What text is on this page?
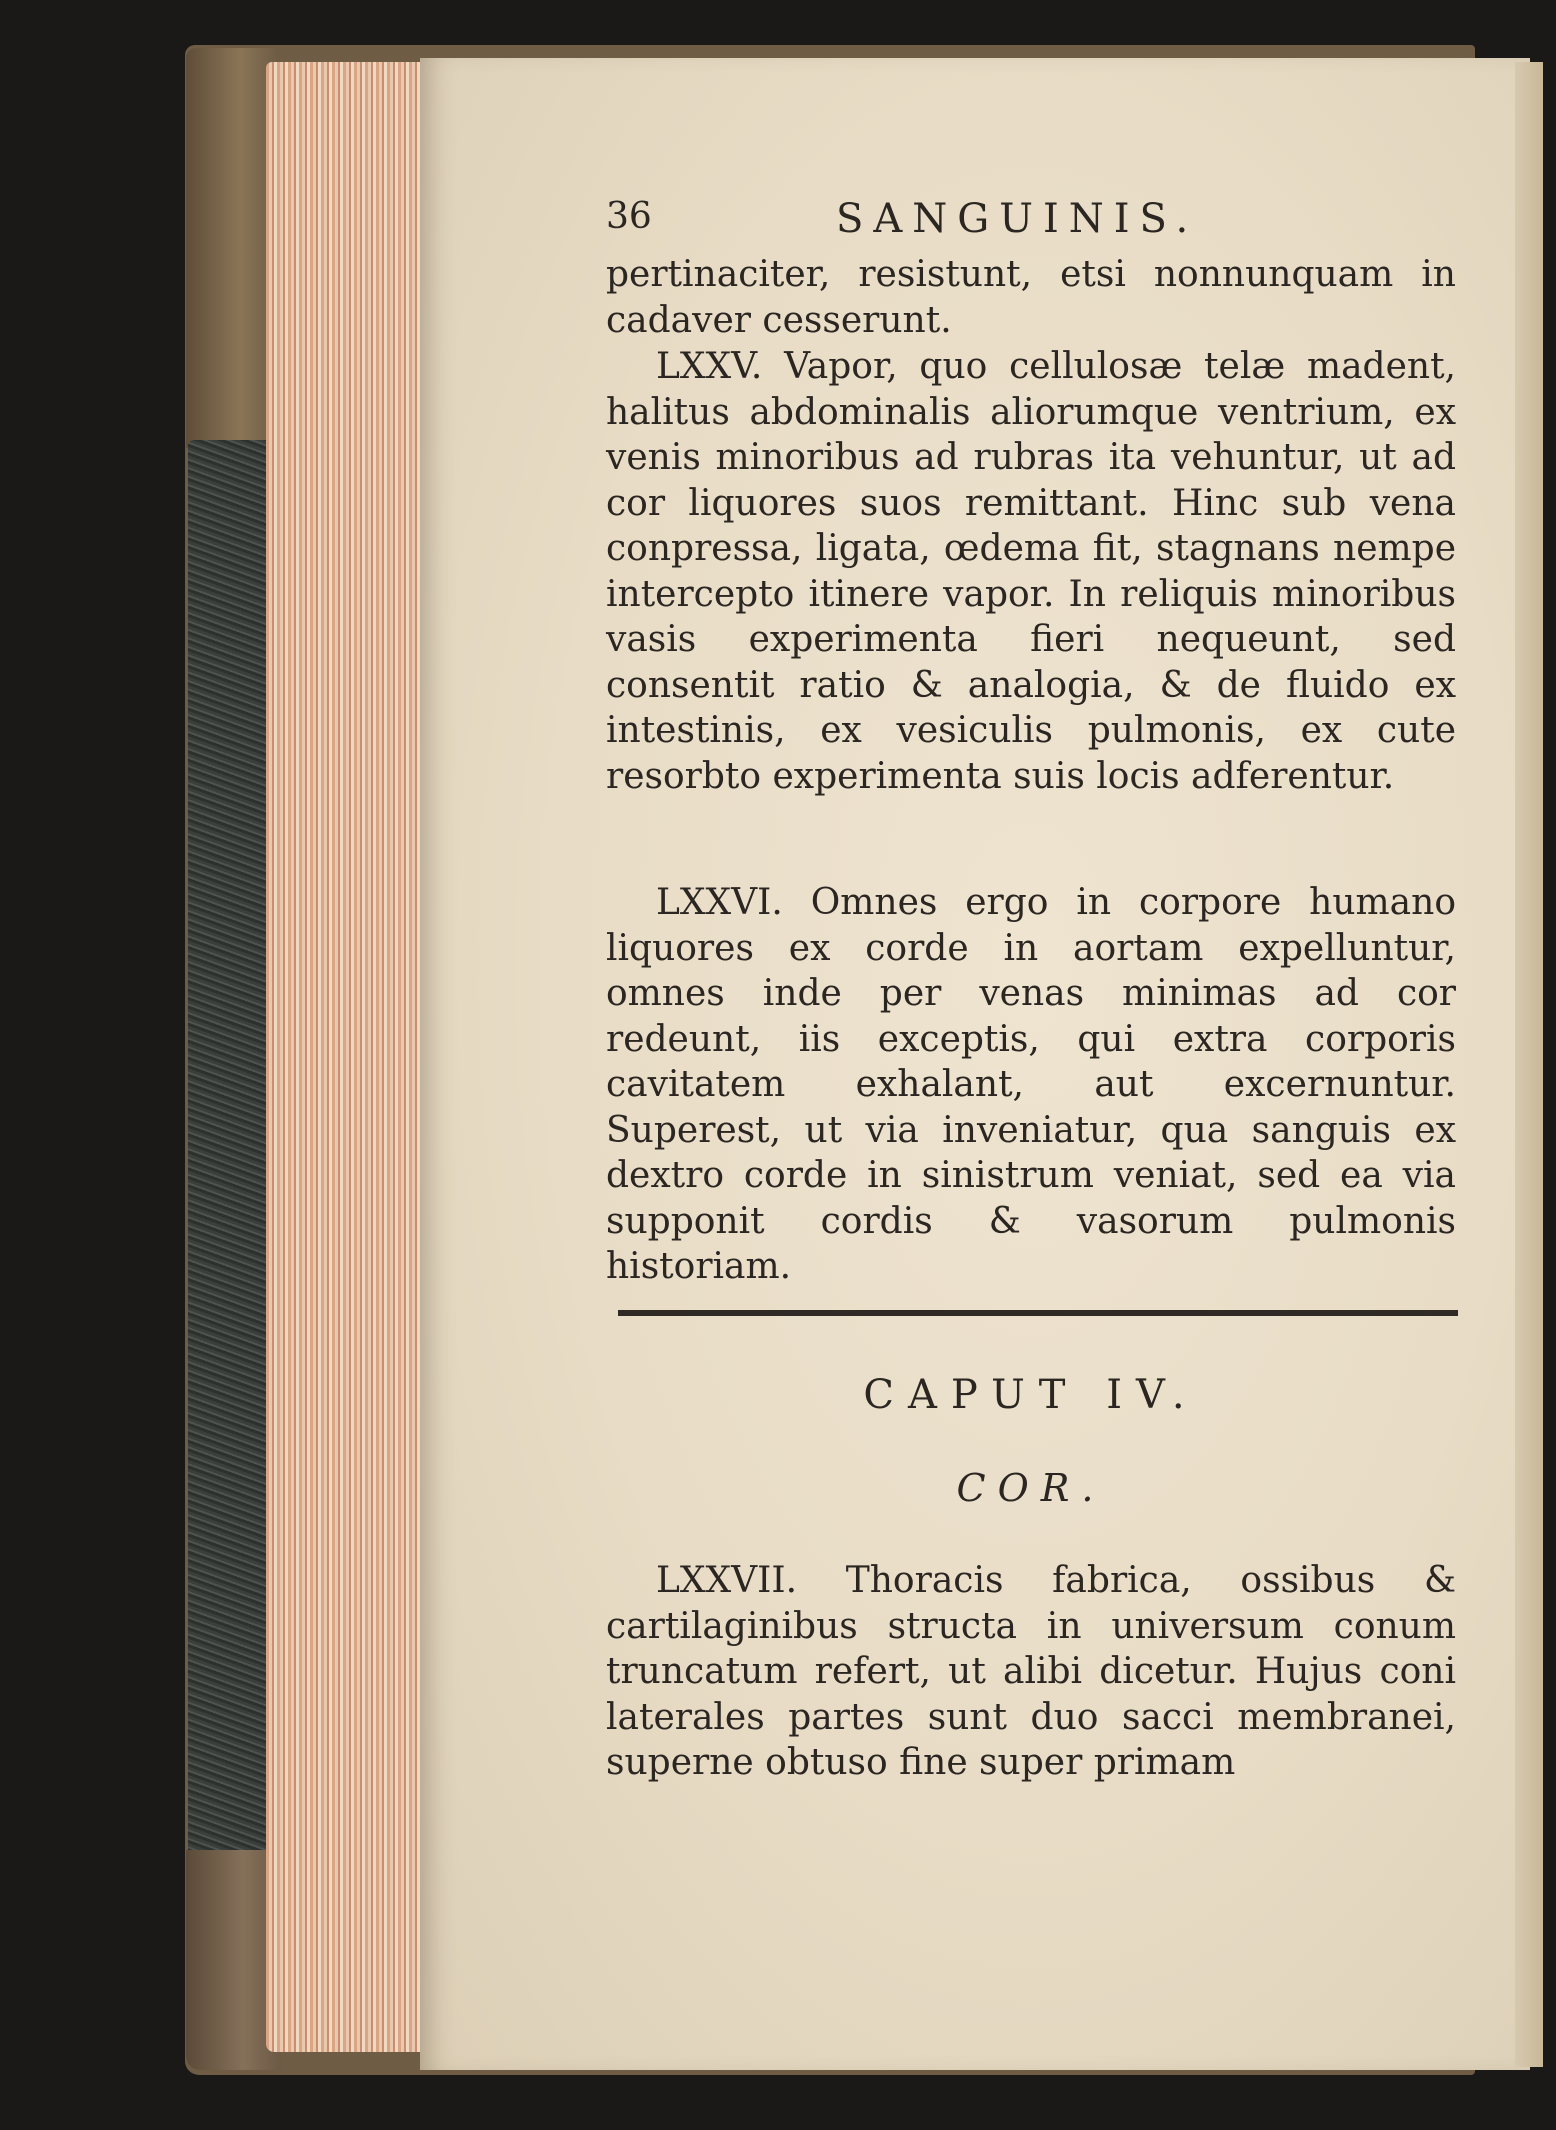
36	SANGUINIS.

pertinaciter, resistunt, etsi nonnunquam in cadaver cesserunt.

LXXV. Vapor, quo cellulosæ telæ madent, halitus abdominalis aliorumque ventrium, ex venis minoribus ad rubras ita vehuntur, ut ad cor liquores suos remittant. Hinc sub vena conpressa, ligata, œdema fit, stagnans nempe intercepto itinere vapor. In reliquis minoribus vasis experimenta fieri nequeunt, sed consentit ratio & analogia, & de fluido ex intestinis, ex vesiculis pulmonis, ex cute resorbto experimenta suis locis adferentur.

LXXVI. Omnes ergo in corpore humano liquores ex corde in aortam expelluntur, omnes inde per venas minimas ad cor redeunt, iis exceptis, qui extra corporis cavitatem exhalant, aut excernuntur. Superest, ut via inveniatur, qua sanguis ex dextro corde in sinistrum veniat, sed ea via supponit cordis & vasorum pulmonis historiam.

CAPUT IV.
COR.

LXXVII. Thoracis fabrica, ossibus & cartilaginibus structa in universum conum truncatum refert, ut alibi dicetur. Hujus coni laterales partes sunt duo sacci membranei, superne obtuso fine super primam
